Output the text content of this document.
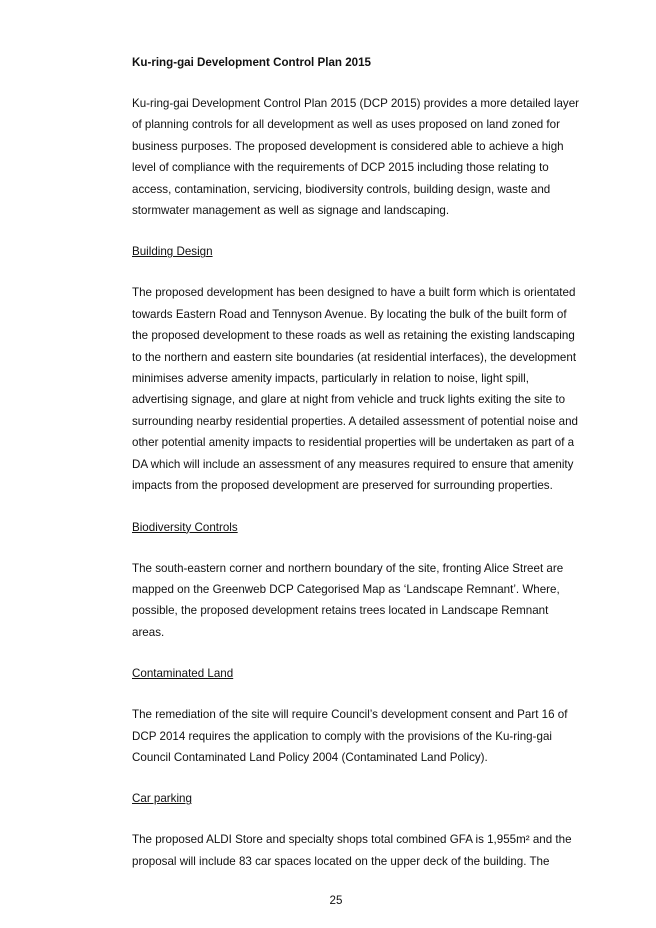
Ku-ring-gai Development Control Plan 2015
Ku-ring-gai Development Control Plan 2015 (DCP 2015) provides a more detailed layer
of planning controls for all development as well as uses proposed on land zoned for
business purposes. The proposed development is considered able to achieve a high
level of compliance with the requirements of DCP 2015 including those relating to
access, contamination, servicing, biodiversity controls, building design, waste and
stormwater management as well as signage and landscaping.
Building Design
The proposed development has been designed to have a built form which is orientated
towards Eastern Road and Tennyson Avenue. By locating the bulk of the built form of
the proposed development to these roads as well as retaining the existing landscaping
to the northern and eastern site boundaries (at residential interfaces), the development
minimises adverse amenity impacts, particularly in relation to noise, light spill,
advertising signage, and glare at night from vehicle and truck lights exiting the site to
surrounding nearby residential properties. A detailed assessment of potential noise and
other potential amenity impacts to residential properties will be undertaken as part of a
DA which will include an assessment of any measures required to ensure that amenity
impacts from the proposed development are preserved for surrounding properties.
Biodiversity Controls
The south-eastern corner and northern boundary of the site, fronting Alice Street are
mapped on the Greenweb DCP Categorised Map as ‘Landscape Remnant’. Where,
possible, the proposed development retains trees located in Landscape Remnant
areas.
Contaminated Land
The remediation of the site will require Council’s development consent and Part 16 of
DCP 2014 requires the application to comply with the provisions of the Ku-ring-gai
Council Contaminated Land Policy 2004 (Contaminated Land Policy).
Car parking
The proposed ALDI Store and specialty shops total combined GFA is 1,955m² and the
proposal will include 83 car spaces located on the upper deck of the building. The
25
